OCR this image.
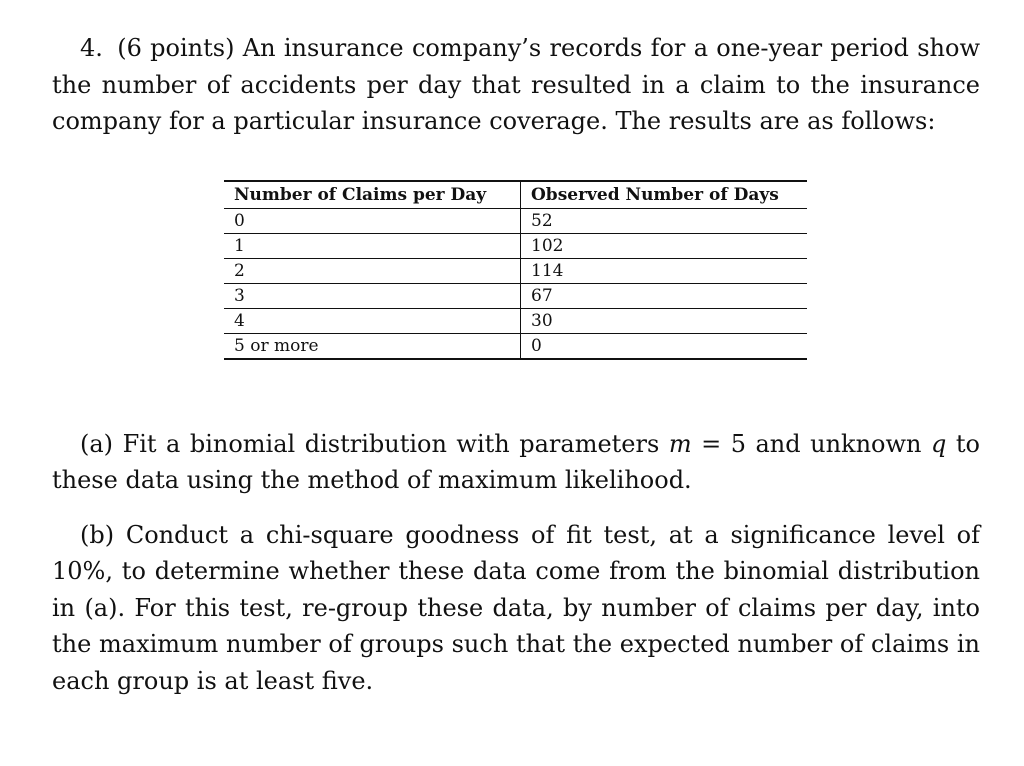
4. (6 points) An insurance company’s records for a one-year period show the number of accidents per day that resulted in a claim to the insurance company for a particular insurance coverage. The results are as follows:

Number of Claims per Day	Observed Number of Days
0	52
1	102
2	114
3	67
4	30
5 or more	0

(a) Fit a binomial distribution with parameters m = 5 and unknown q to these data using the method of maximum likelihood.

(b) Conduct a chi-square goodness of fit test, at a significance level of 10%, to determine whether these data come from the binomial distribution in (a). For this test, re-group these data, by number of claims per day, into the maximum number of groups such that the expected number of claims in each group is at least five.
